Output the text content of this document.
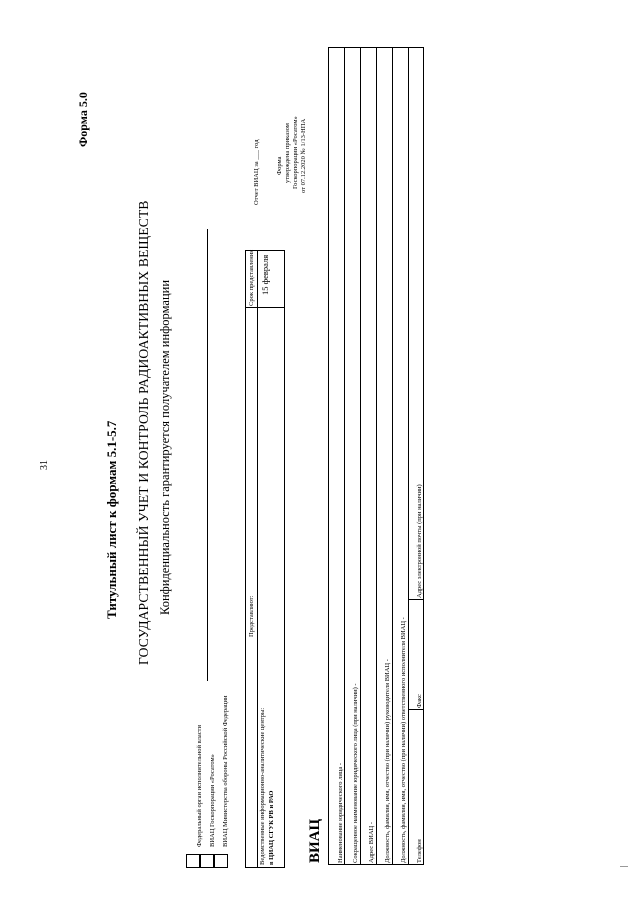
31
Форма 5.0
Титульный лист к формам 5.1-5.7 ГОСУДАРСТВЕННЫЙ УЧЕТ И КОНТРОЛЬ РАДИОАКТИВНЫХ ВЕЩЕСТВ Конфиденциальность гарантируется получателем информации
Федеральный орган исполнительной власти ВИАЦ Госкорпорации «Росатом» ВИАЦ Министерства обороны Российской Федерации
Представляют:
Срок представления
Ведомственные информационно-аналитические центры: в ЦИАЦ СГУК РВ и РАО
15 февраля
Отчет ВИАЦ за ___ год Форма утверждена приказом Госкорпорации «Росатом» от 07.12.2020 № 1/13-НПА
ВИАЦ Наименование юридического лица - Сокращенное наименование юридического лица (при наличии) - Адрес ВИАЦ - Должность, фамилия, имя, отчество (при наличии) руководителя ВИАЦ - Должность, фамилия, имя, отчество (при наличии) ответственного исполнителя ВИАЦ - Телефон
Факс
Адрес электронной почты (при наличии)
